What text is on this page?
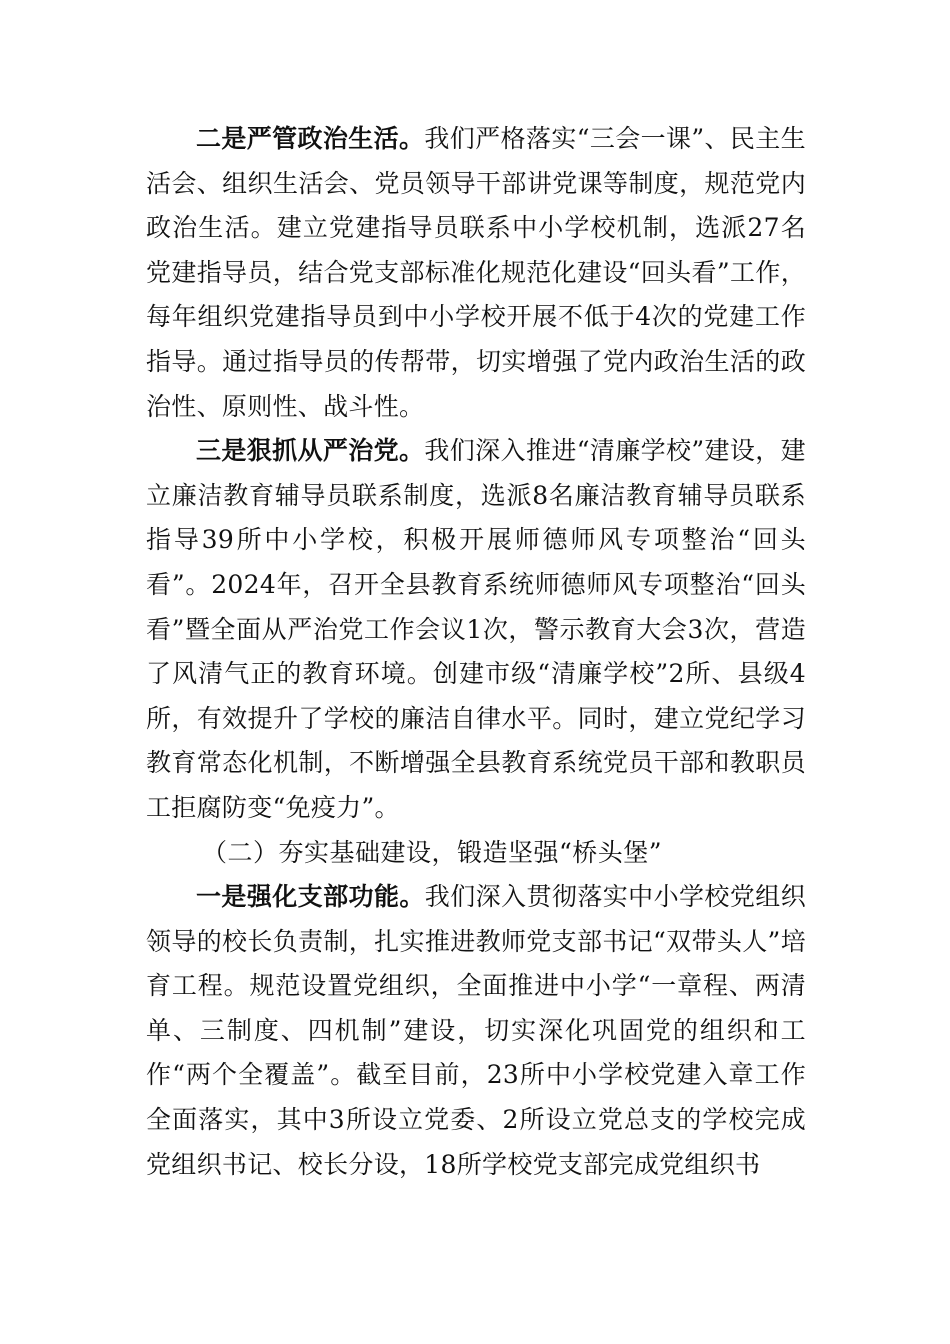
二是严管政治生活。我们严格落实“三会一课”、民主生活会、组织生活会、党员领导干部讲党课等制度，规范党内政治生活。建立党建指导员联系中小学校机制，选派27名党建指导员，结合党支部标准化规范化建设“回头看”工作，每年组织党建指导员到中小学校开展不低于4次的党建工作指导。通过指导员的传帮带，切实增强了党内政治生活的政治性、原则性、战斗性。

三是狠抓从严治党。我们深入推进“清廉学校”建设，建立廉洁教育辅导员联系制度，选派8名廉洁教育辅导员联系指导39所中小学校，积极开展师德师风专项整治“回头看”。2024年，召开全县教育系统师德师风专项整治“回头看”暨全面从严治党工作会议1次，警示教育大会3次，营造了风清气正的教育环境。创建市级“清廉学校”2所、县级4所，有效提升了学校的廉洁自律水平。同时，建立党纪学习教育常态化机制，不断增强全县教育系统党员干部和教职员工拒腐防变“免疫力”。

（二）夯实基础建设，锻造坚强“桥头堡”

一是强化支部功能。我们深入贯彻落实中小学校党组织领导的校长负责制，扎实推进教师党支部书记“双带头人”培育工程。规范设置党组织，全面推进中小学“一章程、两清单、三制度、四机制”建设，切实深化巩固党的组织和工作“两个全覆盖”。截至目前，23所中小学校党建入章工作全面落实，其中3所设立党委、2所设立党总支的学校完成党组织书记、校长分设，18所学校党支部完成党组织书
